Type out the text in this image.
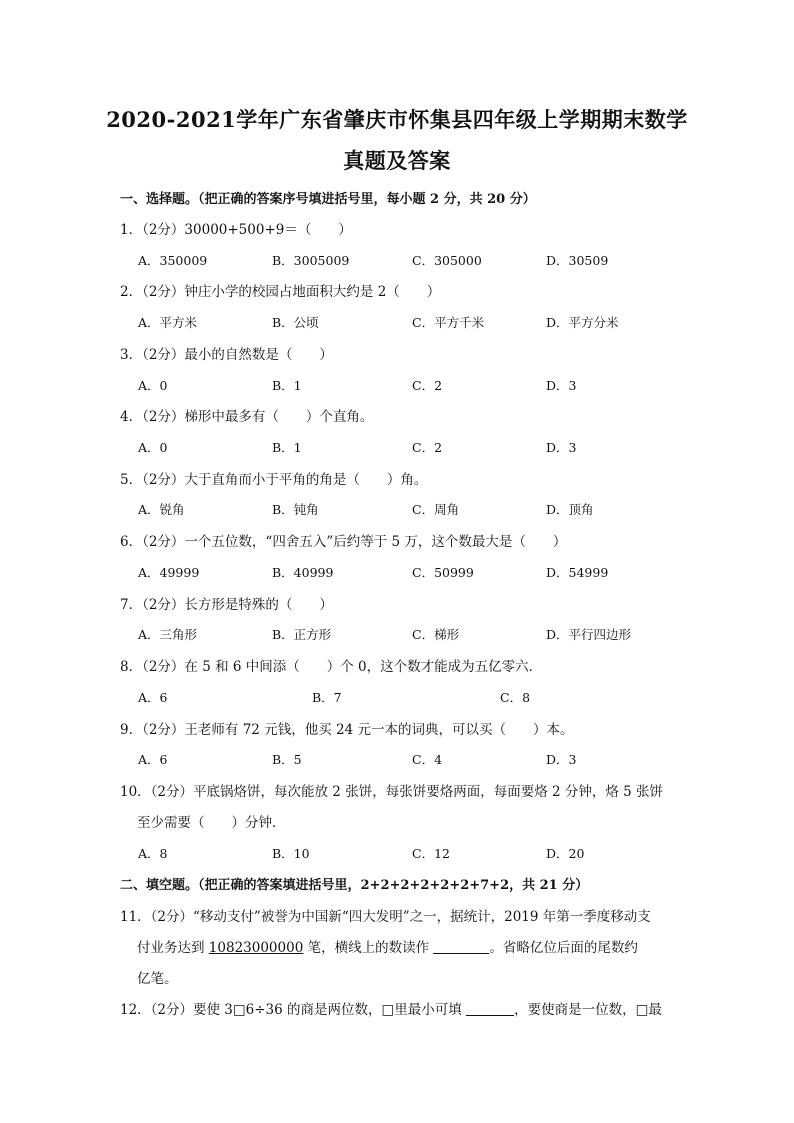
2020-2021学年广东省肇庆市怀集县四年级上学期期末数学
真题及答案
一、选择题。（把正确的答案序号填进括号里，每小题 2 分，共 20 分）
1．（2分）30000+500+9＝（　　）
A．350009	B．3005009	C．305000	D．30509
2．（2分）钟庄小学的校园占地面积大约是 2（　　）
A．平方米	B．公顷	C．平方千米	D．平方分米
3．（2分）最小的自然数是（　　）
A．0	B．1	C．2	D．3
4．（2分）梯形中最多有（　　）个直角。
A．0	B．1	C．2	D．3
5．（2分）大于直角而小于平角的角是（　　）角。
A．锐角	B．钝角	C．周角	D．顶角
6．（2分）一个五位数，“四舍五入”后约等于 5 万，这个数最大是（　　）
A．49999	B．40999	C．50999	D．54999
7．（2分）长方形是特殊的（　　）
A．三角形	B．正方形	C．梯形	D．平行四边形
8．（2分）在 5 和 6 中间添（　　）个 0，这个数才能成为五亿零六．
A．6	B．7	C．8
9．（2分）王老师有 72 元钱，他买 24 元一本的词典，可以买（　　）本。
A．6	B．5	C．4	D．3
10．（2分）平底锅烙饼，每次能放 2 张饼，每张饼要烙两面，每面要烙 2 分钟，烙 5 张饼
至少需要（　　）分钟．
A．8	B．10	C．12	D．20
二、填空题。（把正确的答案填进括号里，2+2+2+2+2+2+7+2，共 21 分）
11．（2分）“移动支付”被誉为中国新“四大发明”之一，据统计，2019 年第一季度移动支
付业务达到 10823000000 笔，横线上的数读作	。省略亿位后面的尾数约
亿笔。
12．（2分）要使 3□6÷36 的商是两位数，□里最小可填	，要使商是一位数，□最
